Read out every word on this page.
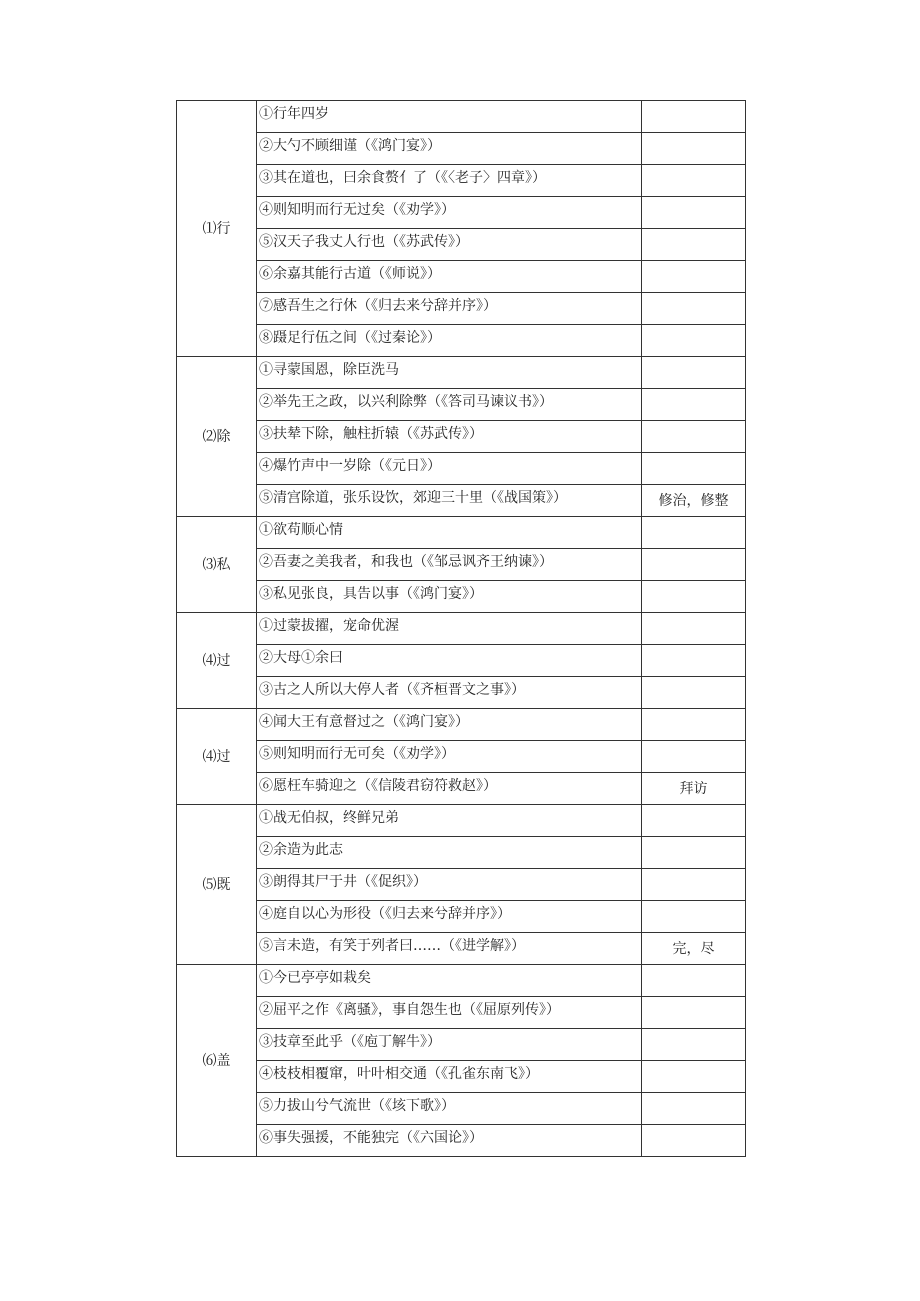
⑴行	①行年四岁	

	②大勺不顾细谨（《鸿门宴》）	

	③其在道也，曰余食赘亻了（《〈老子〉四章》）	

	④则知明而行无过矣（《劝学》）	

	⑤汉天子我丈人行也（《苏武传》）	

	⑥余嘉其能行古道（《师说》）	

	⑦感吾生之行休（《归去来兮辞并序》）	

	⑧蹑足行伍之间（《过秦论》）	

⑵除	①寻蒙国恩，除臣洗马	

	②举先王之政，以兴利除弊（《答司马谏议书》）	

	③扶辇下除，触柱折辕（《苏武传》）	

	④爆竹声中一岁除（《元日》）	

	⑤清宫除道，张乐设饮，郊迎三十里（《战国策》）	修治，修整
⑶私	①欲苟顺心情	

	②吾妻之美我者，和我也（《邹忌讽齐王纳谏》）	

	③私见张良，具告以事（《鸿门宴》）	

⑷过	①过蒙拔擢，宠命优渥	

	②大母①余曰	

	③古之人所以大停人者（《齐桓晋文之事》）	

⑷过	④闻大王有意督过之（《鸿门宴》）	

	⑤则知明而行无可矣（《劝学》）	

	⑥愿枉车骑迎之（《信陵君窃符救赵》）	拜访
⑸既	①战无伯叔，终鲜兄弟	

	②余造为此志	

	③朗得其尸于井（《促织》）	

	④庭自以心为形役（《归去来兮辞并序》）	

	⑤言未造，有笑于列者曰……（《进学解》）	完，尽
⑹盖	①今已亭亭如栽矣	

	②屈平之作《离骚》，事自怨生也（《屈原列传》）	

	③技章至此乎（《庖丁解牛》）	

	④枝枝相覆窜，叶叶相交通（《孔雀东南飞》）	

	⑤力拔山兮气流世（《垓下歌》）	

	⑥事失强援，不能独完（《六国论》）	
